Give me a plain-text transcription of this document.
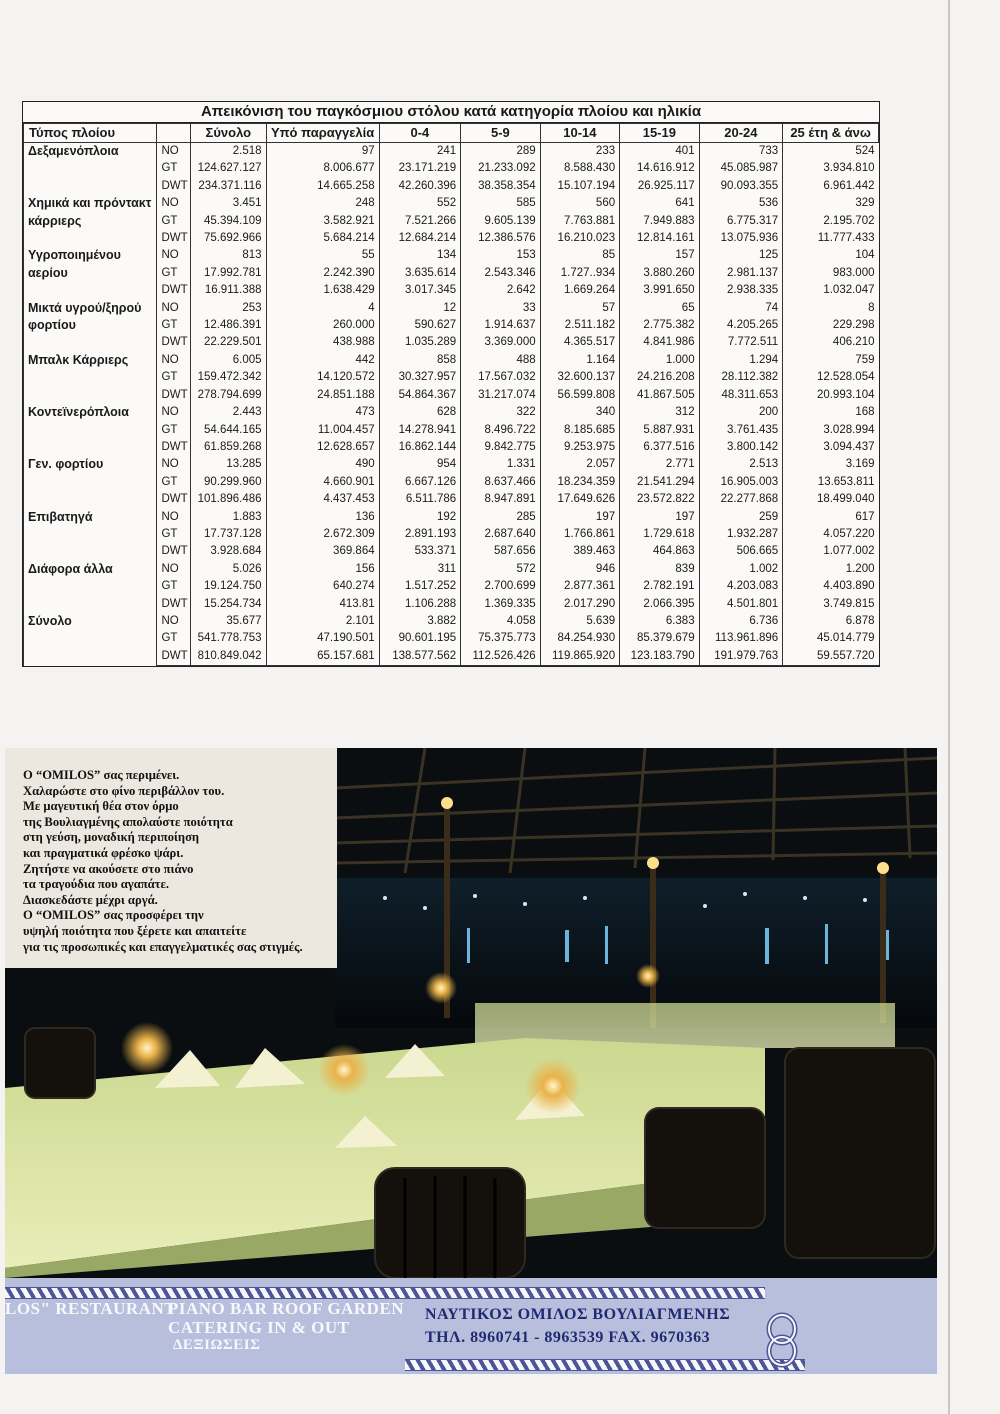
Απεικόνιση του παγκόσμιου στόλου κατά κατηγορία πλοίου και ηλικία
Τύπος πλοίου		Σύνολο	Υπό παραγγελία	0-4	5-9	10-14	15-19	20-24	25 έτη & άνω
Δεξαμενόπλοια	NO	2.518	97	241	289	233	401	733	524
	GT	124.627.127	8.006.677	23.171.219	21.233.092	8.588.430	14.616.912	45.085.987	3.934.810
	DWT	234.371.116	14.665.258	42.260.396	38.358.354	15.107.194	26.925.117	90.093.355	6.961.442
Χημικά και πρόντακτ κάρριερς	NO	3.451	248	552	585	560	641	536	329
	GT	45.394.109	3.582.921	7.521.266	9.605.139	7.763.881	7.949.883	6.775.317	2.195.702
	DWT	75.692.966	5.684.214	12.684.214	12.386.576	16.210.023	12.814.161	13.075.936	11.777.433
Υγροποιημένου αερίου	NO	813	55	134	153	85	157	125	104
	GT	17.992.781	2.242.390	3.635.614	2.543.346	1.727..934	3.880.260	2.981.137	983.000
	DWT	16.911.388	1.638.429	3.017.345	2.642	1.669.264	3.991.650	2.938.335	1.032.047
Μικτά υγρού/ξηρού φορτίου	NO	253	4	12	33	57	65	74	8
	GT	12.486.391	260.000	590.627	1.914.637	2.511.182	2.775.382	4.205.265	229.298
	DWT	22.229.501	438.988	1.035.289	3.369.000	4.365.517	4.841.986	7.772.511	406.210
Μπαλκ Κάρριερς	NO	6.005	442	858	488	1.164	1.000	1.294	759
	GT	159.472.342	14.120.572	30.327.957	17.567.032	32.600.137	24.216.208	28.112.382	12.528.054
	DWT	278.794.699	24.851.188	54.864.367	31.217.074	56.599.808	41.867.505	48.311.653	20.993.104
Κοντεϊνερόπλοια	NO	2.443	473	628	322	340	312	200	168
	GT	54.644.165	11.004.457	14.278.941	8.496.722	8.185.685	5.887.931	3.761.435	3.028.994
	DWT	61.859.268	12.628.657	16.862.144	9.842.775	9.253.975	6.377.516	3.800.142	3.094.437
Γεν. φορτίου	NO	13.285	490	954	1.331	2.057	2.771	2.513	3.169
	GT	90.299.960	4.660.901	6.667.126	8.637.466	18.234.359	21.541.294	16.905.003	13.653.811
	DWT	101.896.486	4.437.453	6.511.786	8.947.891	17.649.626	23.572.822	22.277.868	18.499.040
Επιβατηγά	NO	1.883	136	192	285	197	197	259	617
	GT	17.737.128	2.672.309	2.891.193	2.687.640	1.766.861	1.729.618	1.932.287	4.057.220
	DWT	3.928.684	369.864	533.371	587.656	389.463	464.863	506.665	1.077.002
Διάφορα άλλα	NO	5.026	156	311	572	946	839	1.002	1.200
	GT	19.124.750	640.274	1.517.252	2.700.699	2.877.361	2.782.191	4.203.083	4.403.890
	DWT	15.254.734	413.81	1.106.288	1.369.335	2.017.290	2.066.395	4.501.801	3.749.815
Σύνολο	NO	35.677	2.101	3.882	4.058	5.639	6.383	6.736	6.878
	GT	541.778.753	47.190.501	90.601.195	75.375.773	84.254.930	85.379.679	113.961.896	45.014.779
	DWT	810.849.042	65.157.681	138.577.562	112.526.426	119.865.920	123.183.790	191.979.763	59.557.720
Ο “OMILOS” σας περιμένει.
Χαλαρώστε στο φίνο περιβάλλον του.
Με μαγευτική θέα στον όρμο
της Βουλιαγμένης απολαύστε ποιότητα
στη γεύση, μοναδική περιποίηση
και πραγματικά φρέσκο ψάρι.
Ζητήστε να ακούσετε στο πιάνο
τα τραγούδια που αγαπάτε.
Διασκεδάστε μέχρι αργά.
Ο “OMILOS” σας προσφέρει την
υψηλή ποιότητα που ξέρετε και απαιτείτε
για τις προσωπικές και επαγγελματικές σας στιγμές.
LOS" RESTAURANT
PIANO BAR ROOF GARDEN
CATERING IN & OUT
ΔΕΞΙΩΣΕΙΣ
ΝΑΥΤΙΚΟΣ ΟΜΙΛΟΣ ΒΟΥΛΙΑΓΜΕΝΗΣ
ΤΗΛ. 8960741 - 8963539 FAX. 9670363
